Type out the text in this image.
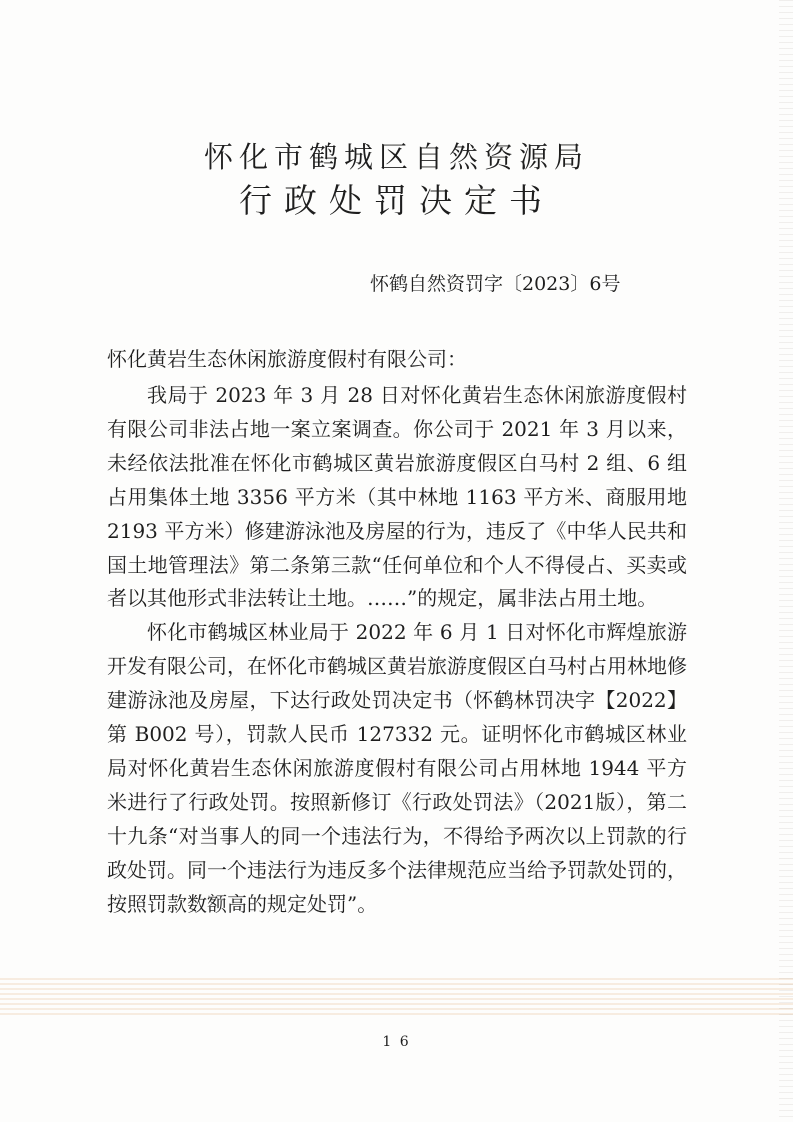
怀化市鹤城区自然资源局
行政处罚决定书
怀鹤自然资罚字〔2023〕6号
怀化黄岩生态休闲旅游度假村有限公司：

我局于 2023 年 3 月 28 日对怀化黄岩生态休闲旅游度假村有限公司非法占地一案立案调查。你公司于 2021 年 3 月以来，未经依法批准在怀化市鹤城区黄岩旅游度假区白马村 2 组、6 组占用集体土地 3356 平方米（其中林地 1163 平方米、商服用地 2193 平方米）修建游泳池及房屋的行为，违反了《中华人民共和国土地管理法》第二条第三款“任何单位和个人不得侵占、买卖或者以其他形式非法转让土地。……”的规定，属非法占用土地。

怀化市鹤城区林业局于 2022 年 6 月 1 日对怀化市辉煌旅游开发有限公司，在怀化市鹤城区黄岩旅游度假区白马村占用林地修建游泳池及房屋，下达行政处罚决定书（怀鹤林罚决字【2022】第 B002 号），罚款人民币 127332 元。证明怀化市鹤城区林业局对怀化黄岩生态休闲旅游度假村有限公司占用林地 1944 平方米进行了行政处罚。按照新修订《行政处罚法》（2021版），第二十九条“对当事人的同一个违法行为，不得给予两次以上罚款的行政处罚。同一个违法行为违反多个法律规范应当给予罚款处罚的，按照罚款数额高的规定处罚”。

1 6
